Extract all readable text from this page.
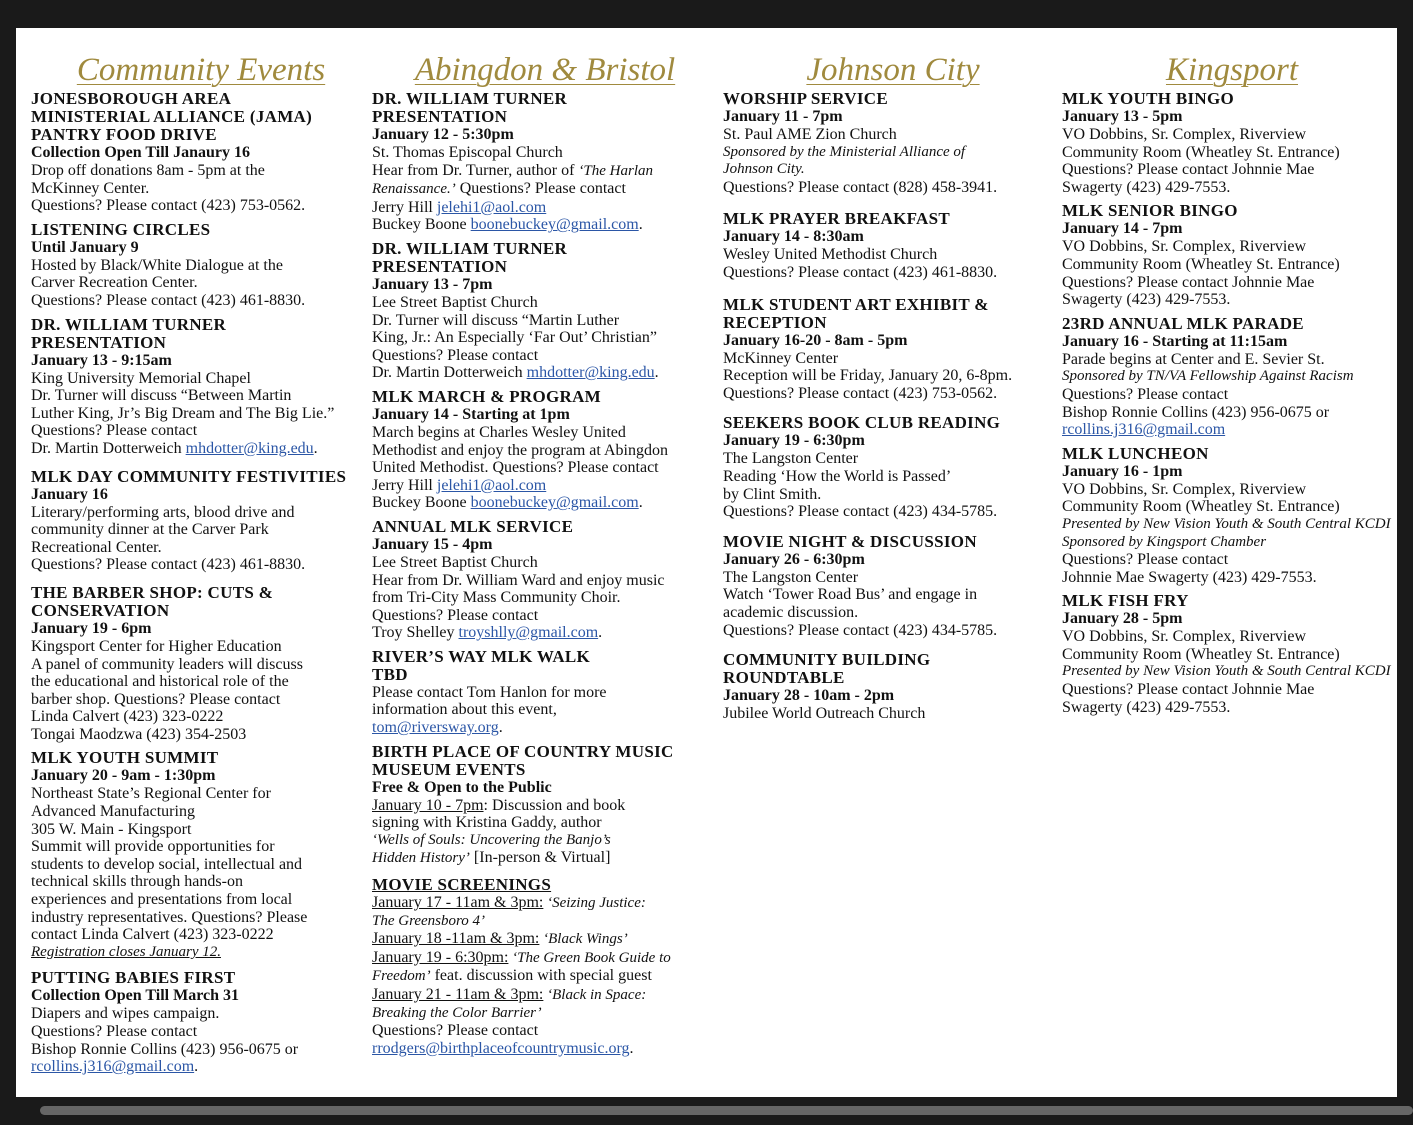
Community Events
JONESBOROUGH AREA
MINISTERIAL ALLIANCE (JAMA)
PANTRY FOOD DRIVE
Collection Open Till Janaury 16
Drop off donations 8am - 5pm at the
McKinney Center.
Questions? Please contact (423) 753-0562.
LISTENING CIRCLES
Until January 9
Hosted by Black/White Dialogue at the
Carver Recreation Center.
Questions? Please contact (423) 461-8830.
DR. WILLIAM TURNER
PRESENTATION
January 13 - 9:15am
King University Memorial Chapel
Dr. Turner will discuss “Between Martin
Luther King, Jr’s Big Dream and The Big Lie.”
Questions? Please contact
Dr. Martin Dotterweich mhdotter@king.edu.
MLK DAY COMMUNITY FESTIVITIES
January 16
Literary/performing arts, blood drive and
community dinner at the Carver Park
Recreational Center.
Questions? Please contact (423) 461-8830.
THE BARBER SHOP: CUTS &
CONSERVATION
January 19 - 6pm
Kingsport Center for Higher Education
A panel of community leaders will discuss
the educational and historical role of the
barber shop. Questions? Please contact
Linda Calvert (423) 323-0222
Tongai Maodzwa (423) 354-2503
MLK YOUTH SUMMIT
January 20 - 9am - 1:30pm
Northeast State’s Regional Center for
Advanced Manufacturing
305 W. Main - Kingsport
Summit will provide opportunities for
students to develop social, intellectual and
technical skills through hands-on
experiences and presentations from local
industry representatives. Questions? Please
contact Linda Calvert (423) 323-0222
Registration closes January 12.
PUTTING BABIES FIRST
Collection Open Till March 31
Diapers and wipes campaign.
Questions? Please contact
Bishop Ronnie Collins (423) 956-0675 or
rcollins.j316@gmail.com.
Abingdon & Bristol
DR. WILLIAM TURNER
PRESENTATION
January 12 - 5:30pm
St. Thomas Episcopal Church
Hear from Dr. Turner, author of ‘The Harlan
Renaissance.’ Questions? Please contact
Jerry Hill jelehi1@aol.com
Buckey Boone boonebuckey@gmail.com.
DR. WILLIAM TURNER
PRESENTATION
January 13 - 7pm
Lee Street Baptist Church
Dr. Turner will discuss “Martin Luther
King, Jr.: An Especially ‘Far Out’ Christian”
Questions? Please contact
Dr. Martin Dotterweich mhdotter@king.edu.
MLK MARCH & PROGRAM
January 14 - Starting at 1pm
March begins at Charles Wesley United
Methodist and enjoy the program at Abingdon
United Methodist. Questions? Please contact
Jerry Hill jelehi1@aol.com
Buckey Boone boonebuckey@gmail.com.
ANNUAL MLK SERVICE
January 15 - 4pm
Lee Street Baptist Church
Hear from Dr. William Ward and enjoy music
from Tri-City Mass Community Choir.
Questions? Please contact
Troy Shelley troyshlly@gmail.com.
RIVER’S WAY MLK WALK
TBD
Please contact Tom Hanlon for more
information about this event,
tom@riversway.org.
BIRTH PLACE OF COUNTRY MUSIC
MUSEUM EVENTS
Free & Open to the Public
January 10 - 7pm: Discussion and book
signing with Kristina Gaddy, author
‘Wells of Souls: Uncovering the Banjo’s
Hidden History’ [In-person & Virtual]
MOVIE SCREENINGS
January 17 - 11am & 3pm: ‘Seizing Justice:
The Greensboro 4’
January 18 -11am & 3pm: ‘Black Wings’
January 19 - 6:30pm: ‘The Green Book Guide to
Freedom’ feat. discussion with special guest
January 21 - 11am & 3pm: ‘Black in Space:
Breaking the Color Barrier’
Questions? Please contact
rrodgers@birthplaceofcountrymusic.org.
Johnson City
WORSHIP SERVICE
January 11 - 7pm
St. Paul AME Zion Church
Sponsored by the Ministerial Alliance of
Johnson City.
Questions? Please contact (828) 458-3941.
MLK PRAYER BREAKFAST
January 14 - 8:30am
Wesley United Methodist Church
Questions? Please contact (423) 461-8830.
MLK STUDENT ART EXHIBIT &
RECEPTION
January 16-20 - 8am - 5pm
McKinney Center
Reception will be Friday, January 20, 6-8pm.
Questions? Please contact (423) 753-0562.
SEEKERS BOOK CLUB READING
January 19 - 6:30pm
The Langston Center
Reading ‘How the World is Passed’
by Clint Smith.
Questions? Please contact (423) 434-5785.
MOVIE NIGHT & DISCUSSION
January 26 - 6:30pm
The Langston Center
Watch ‘Tower Road Bus’ and engage in
academic discussion.
Questions? Please contact (423) 434-5785.
COMMUNITY BUILDING
ROUNDTABLE
January 28 - 10am - 2pm
Jubilee World Outreach Church
Kingsport
MLK YOUTH BINGO
January 13 - 5pm
VO Dobbins, Sr. Complex, Riverview
Community Room (Wheatley St. Entrance)
Questions? Please contact Johnnie Mae
Swagerty (423) 429-7553.
MLK SENIOR BINGO
January 14 - 7pm
VO Dobbins, Sr. Complex, Riverview
Community Room (Wheatley St. Entrance)
Questions? Please contact Johnnie Mae
Swagerty (423) 429-7553.
23RD ANNUAL MLK PARADE
January 16 - Starting at 11:15am
Parade begins at Center and E. Sevier St.
Sponsored by TN/VA Fellowship Against Racism
Questions? Please contact
Bishop Ronnie Collins (423) 956-0675 or
rcollins.j316@gmail.com
MLK LUNCHEON
January 16 - 1pm
VO Dobbins, Sr. Complex, Riverview
Community Room (Wheatley St. Entrance)
Presented by New Vision Youth & South Central KCDI
Sponsored by Kingsport Chamber
Questions? Please contact
Johnnie Mae Swagerty (423) 429-7553.
MLK FISH FRY
January 28 - 5pm
VO Dobbins, Sr. Complex, Riverview
Community Room (Wheatley St. Entrance)
Presented by New Vision Youth & South Central KCDI
Questions? Please contact Johnnie Mae
Swagerty (423) 429-7553.
